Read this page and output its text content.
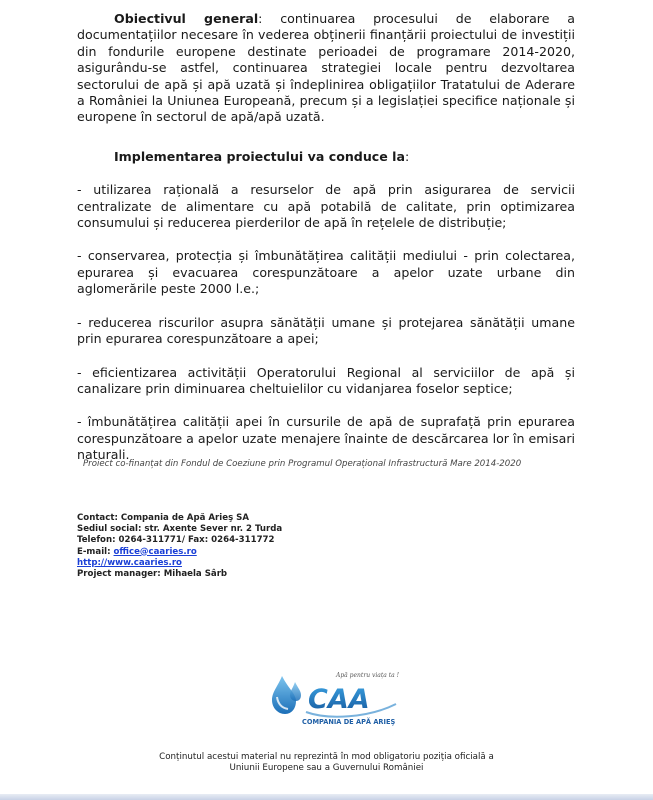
Obiectivul general: continuarea procesului de elaborare a documentațiilor necesare în vederea obținerii finanțării proiectului de investiții din fondurile europene destinate perioadei de programare 2014-2020, asigurându-se astfel, continuarea strategiei locale pentru dezvoltarea sectorului de apă și apă uzată și îndeplinirea obligațiilor Tratatului de Aderare a României la Uniunea Europeană, precum și a legislației specifice naționale și europene în sectorul de apă/apă uzată.

Implementarea proiectului va conduce la:

- utilizarea rațională a resurselor de apă prin asigurarea de servicii centralizate de alimentare cu apă potabilă de calitate, prin optimizarea consumului și reducerea pierderilor de apă în rețelele de distribuție;

- conservarea, protecția și îmbunătățirea calității mediului - prin colectarea, epurarea și evacuarea corespunzătoare a apelor uzate urbane din aglomerările peste 2000 l.e.;

- reducerea riscurilor asupra sănătății umane și protejarea sănătății umane prin epurarea corespunzătoare a apei;

- eficientizarea activității Operatorului Regional al serviciilor de apă și canalizare prin diminuarea cheltuielilor cu vidanjarea foselor septice;

- îmbunătățirea calității apei în cursurile de apă de suprafață prin epurarea corespunzătoare a apelor uzate menajere înainte de descărcarea lor în emisari naturali.

Proiect co-finanțat din Fondul de Coeziune prin Programul Operațional Infrastructură Mare 2014-2020
Contact: Compania de Apă Arieş SA
Sediul social: str. Axente Sever nr. 2 Turda
Telefon: 0264-311771/ Fax: 0264-311772
E-mail: office@caaries.ro
http://www.caaries.ro
Project manager: Mihaela Sârb
Apă pentru viața ta !
CAA
COMPANIA DE APĂ ARIEŞ
Conținutul acestui material nu reprezintă în mod obligatoriu poziția oficială a
Uniunii Europene sau a Guvernului României
